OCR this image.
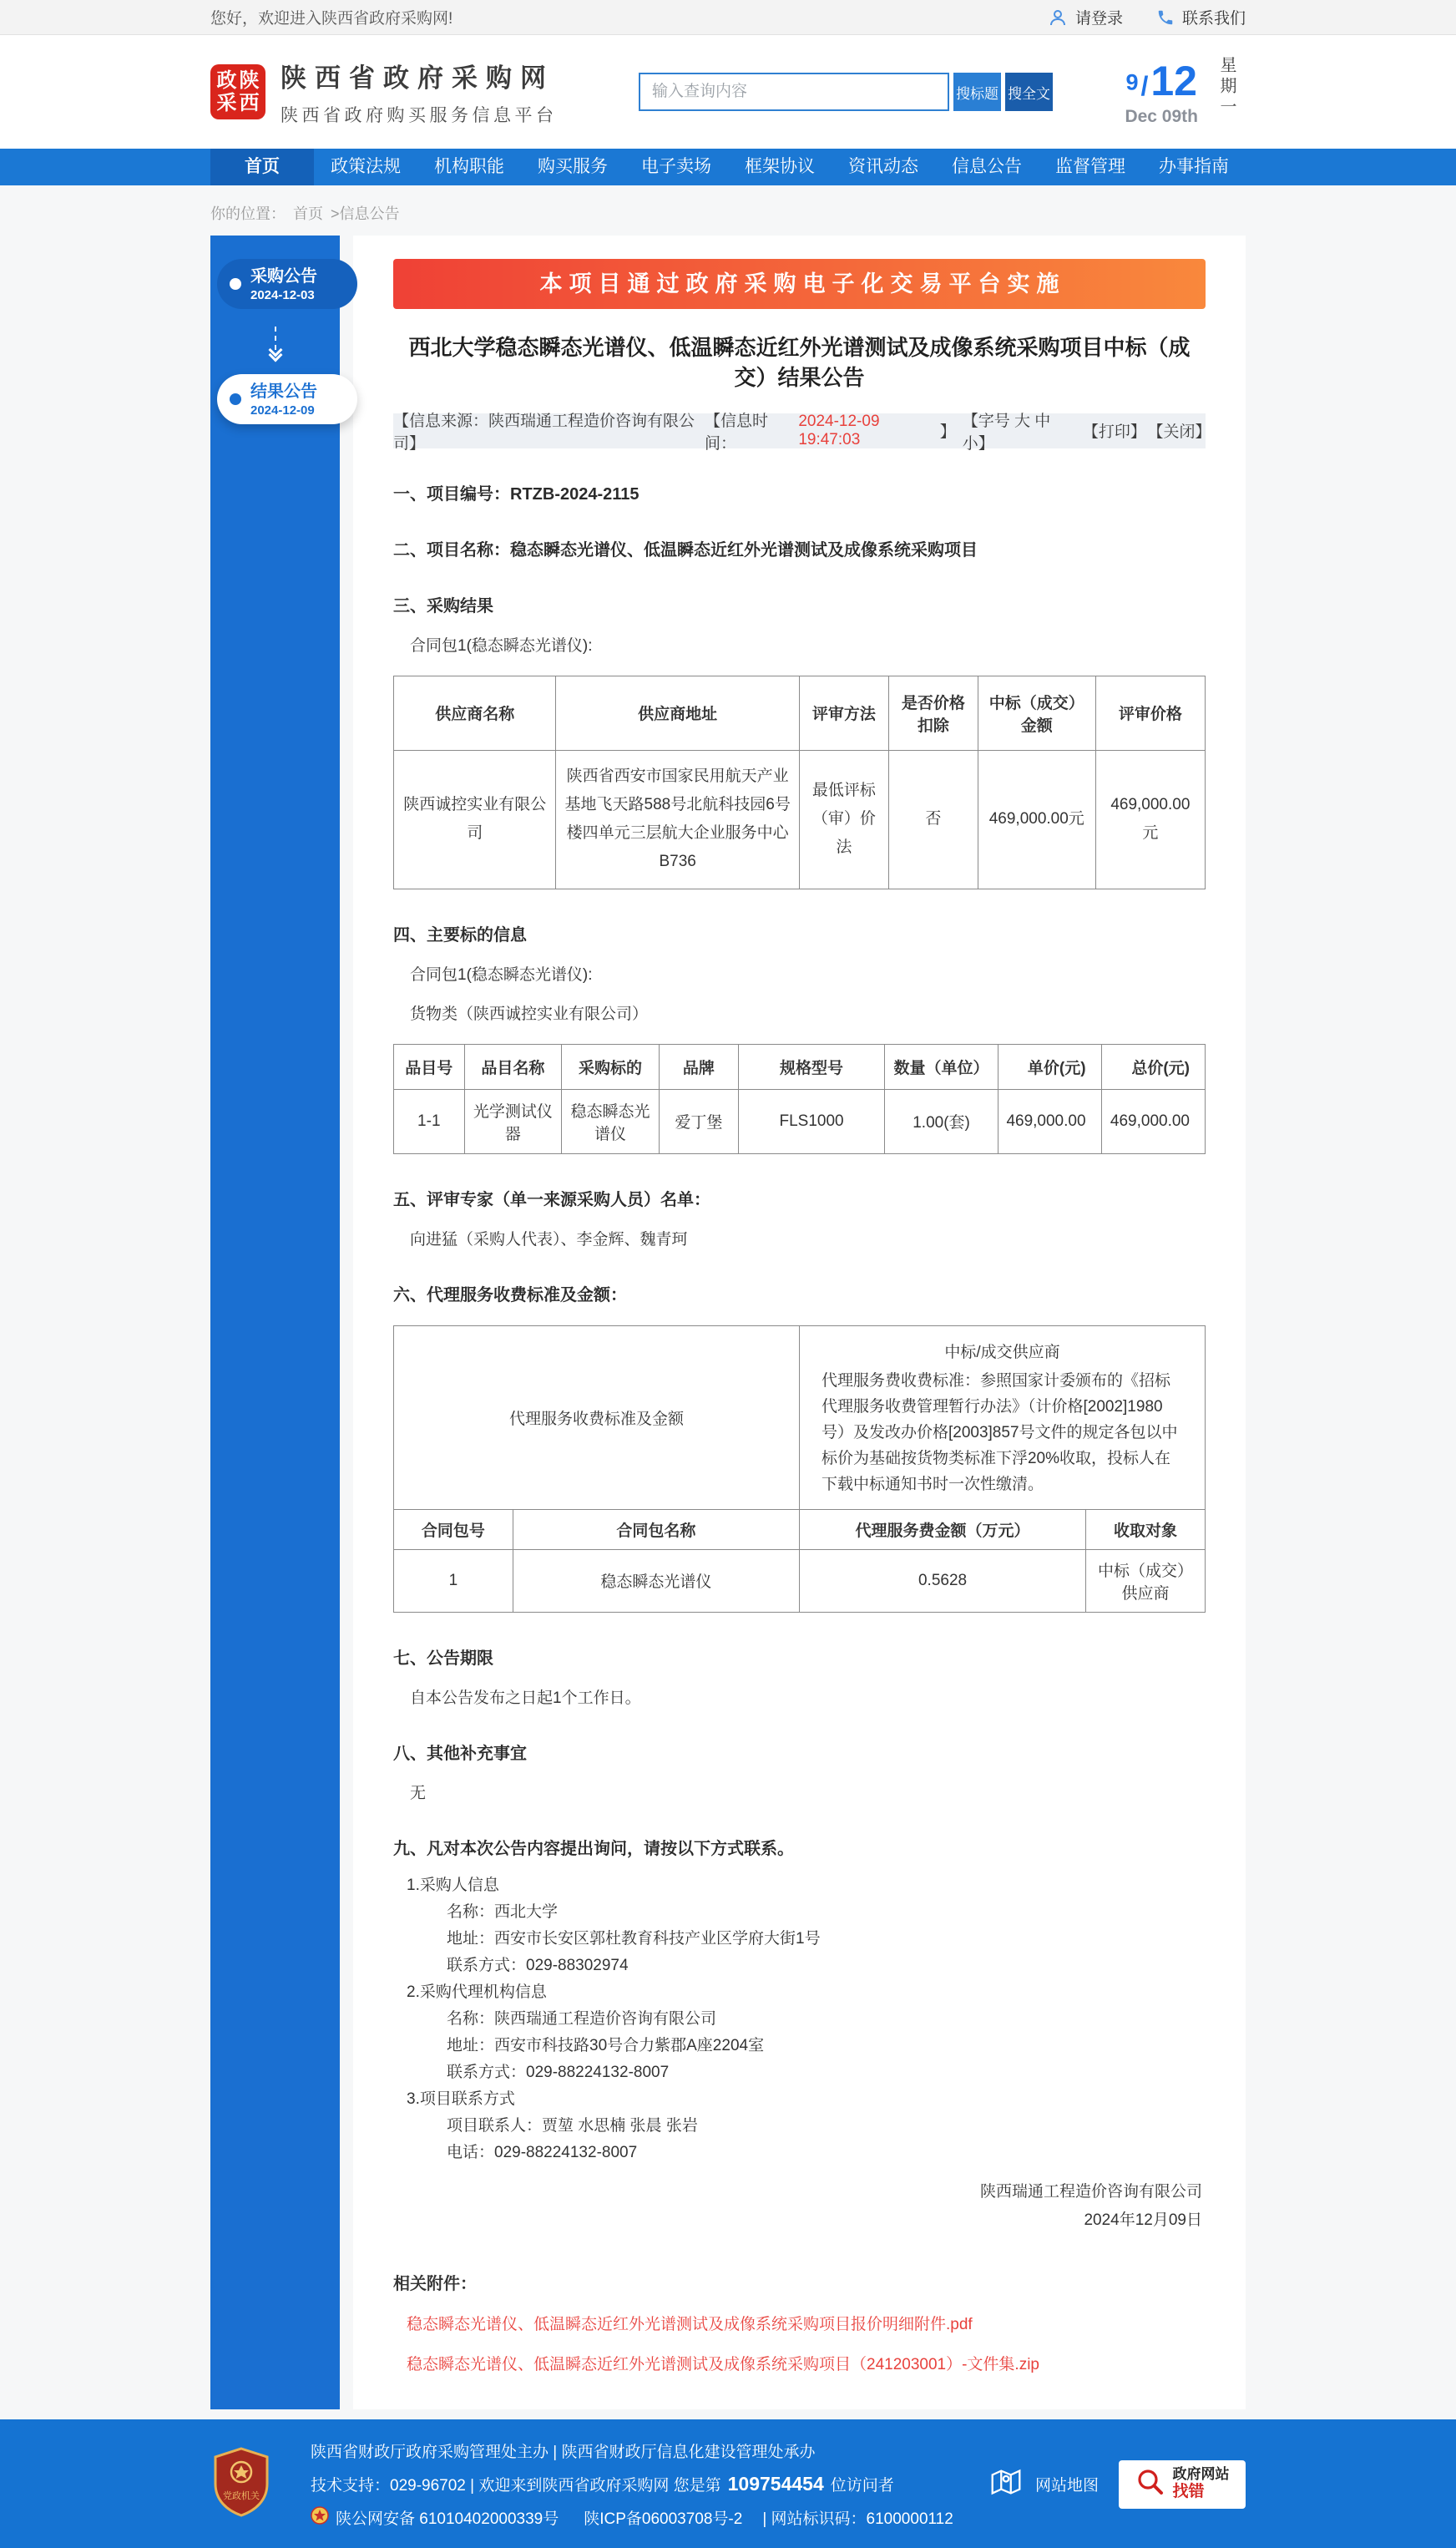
您好，欢迎进入陕西省政府采购网!	请登录	联系我们
政 陕
采 西
陕西省政府采购网
陕西省政府购买服务信息平台
输入查询内容
搜标题 搜全文	9/12
Dec 09th 星期一
首页	政策法规	机构职能	购买服务	电子卖场	框架协议	资讯动态	信息公告	监督管理	办事指南
你的位置： 首页 >信息公告
采购公告
2024-12-03
结果公告
2024-12-09
本项目通过政府采购电子化交易平台实施
西北大学稳态瞬态光谱仪、低温瞬态近红外光谱测试及成像系统采购项目中标（成交）结果公告
【信息来源：陕西瑞通工程造价咨询有限公司】
【信息时间：
2024-12-09 19:47:03	】
【字号 大 中 小】
【打印】 【关闭】
一、项目编号：RTZB-2024-2115
二、项目名称：稳态瞬态光谱仪、低温瞬态近红外光谱测试及成像系统采购项目
三、采购结果
合同包1(稳态瞬态光谱仪):
供应商名称	供应商地址	评审方法	是否价格扣除	中标（成交）金额	评审价格
陕西诚控实业有限公司	陕西省西安市国家民用航天产业基地飞天路588号北航科技园6号楼四单元三层航大企业服务中心B736	最低评标（审）价法	否	469,000.00元	469,000.00元
四、主要标的信息
合同包1(稳态瞬态光谱仪):
货物类（陕西诚控实业有限公司）
品目号	品目名称	采购标的	品牌	规格型号	数量（单位）	单价(元)	总价(元)
1-1	光学测试仪器	稳态瞬态光谱仪	爱丁堡	FLS1000	1.00(套)	469,000.00	469,000.00
五、评审专家（单一来源采购人员）名单：
向进猛（采购人代表）、李金辉、魏青珂
六、代理服务收费标准及金额：
代理服务收费标准及金额		中标/成交供应商
代理服务费收费标准：参照国家计委颁布的《招标代理服务收费管理暂行办法》（计价格[2002]1980号）及发改办价格[2003]857号文件的规定各包以中标价为基础按货物类标准下浮20%收取，投标人在下载中标通知书时一次性缴清。	

合同包号	合同包名称	代理服务费金额（万元）	收取对象
1	稳态瞬态光谱仪	0.5628	中标（成交）供应商
七、公告期限
自本公告发布之日起1个工作日。
八、其他补充事宜
无
九、凡对本次公告内容提出询问，请按以下方式联系。
1.采购人信息
名称：西北大学
地址：西安市长安区郭杜教育科技产业区学府大街1号
联系方式：029-88302974
2.采购代理机构信息
名称：陕西瑞通工程造价咨询有限公司
地址：西安市科技路30号合力紫郡A座2204室
联系方式：029-88224132-8007
3.项目联系方式
项目联系人：贾堃 水思楠 张晨 张岩
电话：029-88224132-8007
陕西瑞通工程造价咨询有限公司
2024年12月09日
相关附件：
稳态瞬态光谱仪、低温瞬态近红外光谱测试及成像系统采购项目报价明细附件.pdf
稳态瞬态光谱仪、低温瞬态近红外光谱测试及成像系统采购项目（241203001）-文件集.zip
党政机关
陕西省财政厅政府采购管理处主办 | 陕西省财政厅信息化建设管理处承办
技术支持：029-96702 | 欢迎来到陕西省政府采购网 您是第 109754454 位访问者
陕公网安备 61010402000339号 陕ICP备06003708号-2 | 网站标识码：6100000112
网站地图
政府网站
找错
